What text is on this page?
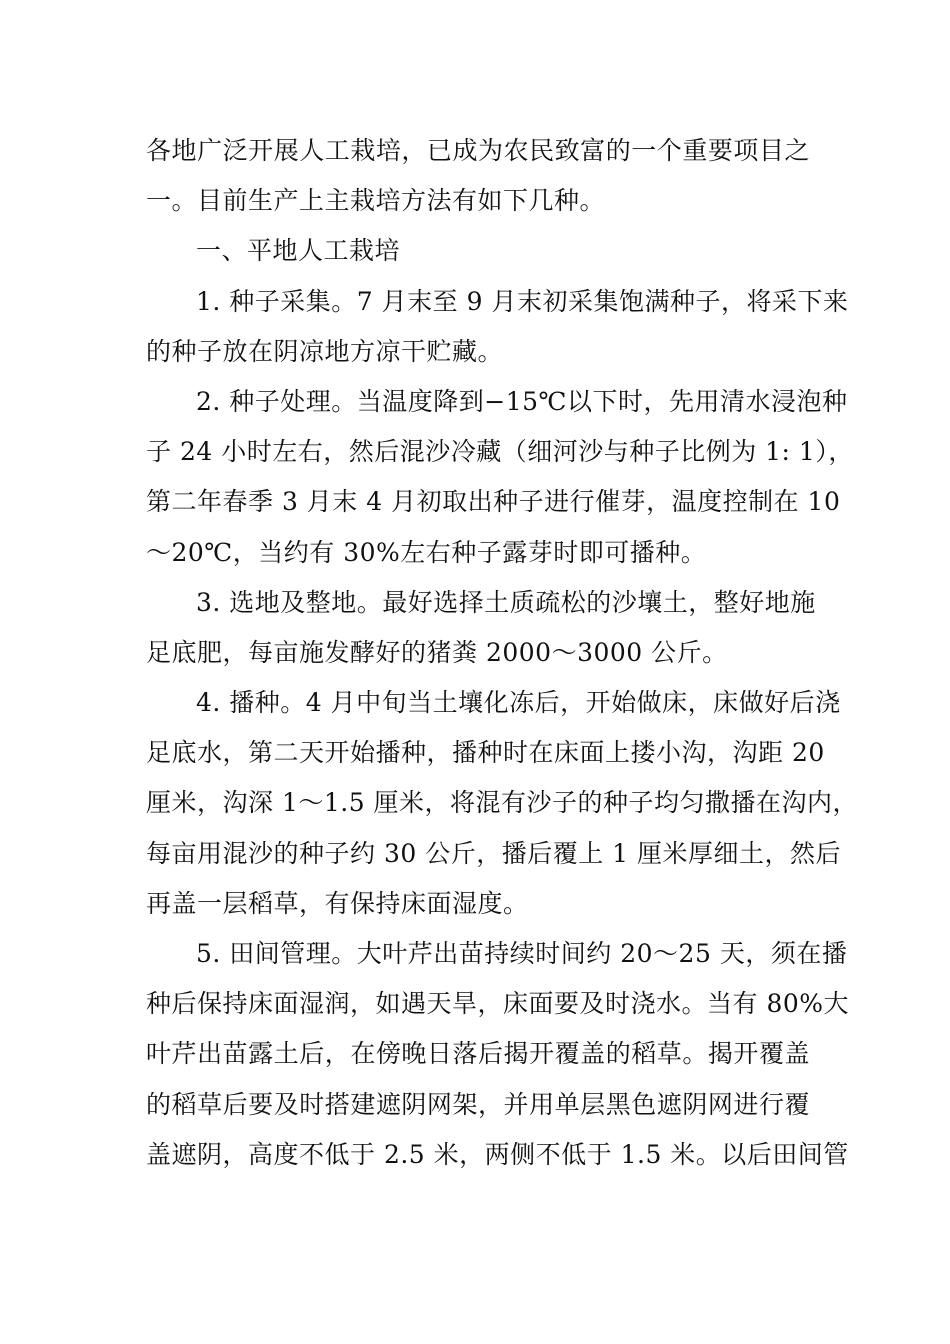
各地广泛开展人工栽培，已成为农民致富的一个重要项目之
一。目前生产上主栽培方法有如下几种。
一、平地人工栽培
1. 种子采集。7 月末至 9 月末初采集饱满种子，将采下来
的种子放在阴凉地方凉干贮藏。
2. 种子处理。当温度降到−15℃以下时，先用清水浸泡种
子 24 小时左右，然后混沙冷藏（细河沙与种子比例为 1: 1），
第二年春季 3 月末 4 月初取出种子进行催芽，温度控制在 10
～20℃，当约有 30%左右种子露芽时即可播种。
3. 选地及整地。最好选择土质疏松的沙壤土，整好地施
足底肥，每亩施发酵好的猪粪 2000～3000 公斤。
4. 播种。4 月中旬当土壤化冻后，开始做床，床做好后浇
足底水，第二天开始播种，播种时在床面上搂小沟，沟距 20
厘米，沟深 1～1.5 厘米，将混有沙子的种子均匀撒播在沟内，
每亩用混沙的种子约 30 公斤，播后覆上 1 厘米厚细土，然后
再盖一层稻草，有保持床面湿度。
5. 田间管理。大叶芹出苗持续时间约 20～25 天，须在播
种后保持床面湿润，如遇天旱，床面要及时浇水。当有 80%大
叶芹出苗露土后，在傍晚日落后揭开覆盖的稻草。揭开覆盖
的稻草后要及时搭建遮阴网架，并用单层黑色遮阴网进行覆
盖遮阴，高度不低于 2.5 米，两侧不低于 1.5 米。以后田间管
